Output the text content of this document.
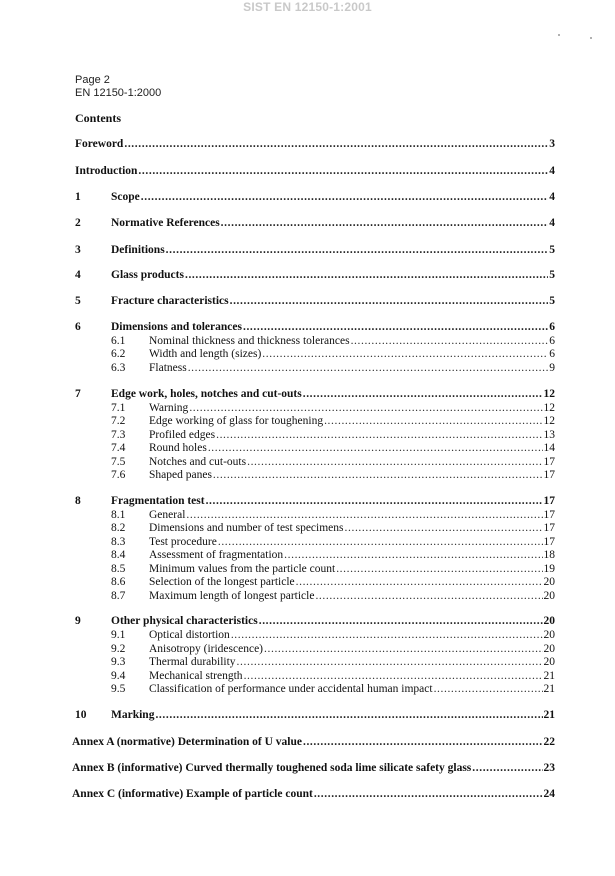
SIST EN 12150-1:2001
Page 2
EN 12150-1:2000
Contents
Foreword .....	3
Introduction .....	4
1	Scope .....	4
2	Normative References .....	4
3	Definitions .....	5
4	Glass products .....	5
5	Fracture characteristics .....	5
6	Dimensions and tolerances .....	6
6.1	Nominal thickness and thickness tolerances .....	6
6.2	Width and length (sizes) .....	6
6.3	Flatness .....	9
7	Edge work, holes, notches and cut-outs .....	12
7.1	Warning .....	12
7.2	Edge working of glass for toughening .....	12
7.3	Profiled edges .....	13
7.4	Round holes .....	14
7.5	Notches and cut-outs .....	17
7.6	Shaped panes .....	17
8	Fragmentation test .....	17
8.1	General .....	17
8.2	Dimensions and number of test specimens .....	17
8.3	Test procedure .....	17
8.4	Assessment of fragmentation .....	18
8.5	Minimum values from the particle count .....	19
8.6	Selection of the longest particle .....	20
8.7	Maximum length of longest particle .....	20
9	Other physical characteristics .....	20
9.1	Optical distortion .....	20
9.2	Anisotropy (iridescence) .....	20
9.3	Thermal durability .....	20
9.4	Mechanical strength .....	21
9.5	Classification of performance under accidental human impact .....	21
10	Marking .....	21
Annex A (normative) Determination of U value .....	22
Annex B (informative) Curved thermally toughened soda lime silicate safety glass .....	23
Annex C (informative) Example of particle count .....	24
